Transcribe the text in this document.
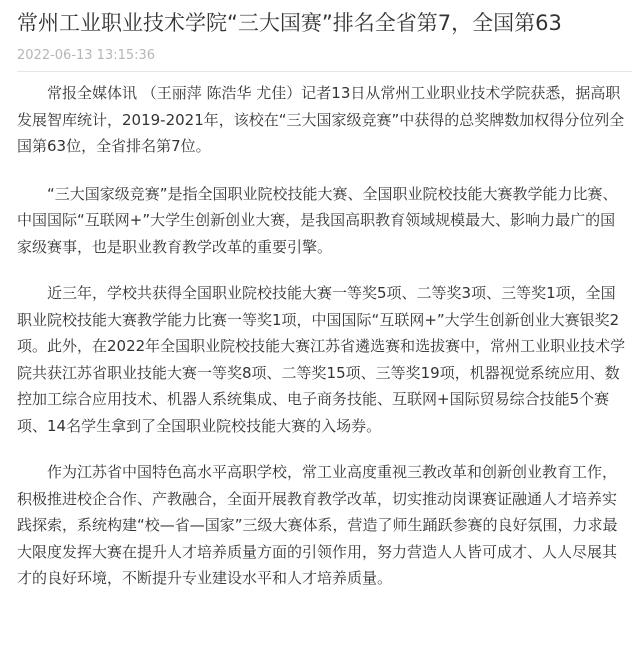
常州工业职业技术学院“三大国赛”排名全省第7，全国第63
2022-06-13 13:15:36

常报全媒体讯 （王丽萍 陈浩华 尤佳）记者13日从常州工业职业技术学院获悉，据高职发展智库统计，2019-2021年，该校在“三大国家级竞赛”中获得的总奖牌数加权得分位列全国第63位，全省排名第7位。

“三大国家级竞赛”是指全国职业院校技能大赛、全国职业院校技能大赛教学能力比赛、中国国际“互联网+”大学生创新创业大赛，是我国高职教育领域规模最大、影响力最广的国家级赛事，也是职业教育教学改革的重要引擎。

近三年，学校共获得全国职业院校技能大赛一等奖5项、二等奖3项、三等奖1项，全国职业院校技能大赛教学能力比赛一等奖1项，中国国际“互联网+”大学生创新创业大赛银奖2项。此外，在2022年全国职业院校技能大赛江苏省遴选赛和选拔赛中，常州工业职业技术学院共获江苏省职业技能大赛一等奖8项、二等奖15项、三等奖19项，机器视觉系统应用、数控加工综合应用技术、机器人系统集成、电子商务技能、互联网+国际贸易综合技能5个赛项、14名学生拿到了全国职业院校技能大赛的入场券。

作为江苏省中国特色高水平高职学校，常工业高度重视三教改革和创新创业教育工作，积极推进校企合作、产教融合，全面开展教育教学改革，切实推动岗课赛证融通人才培养实践探索，系统构建“校—省—国家”三级大赛体系，营造了师生踊跃参赛的良好氛围，力求最大限度发挥大赛在提升人才培养质量方面的引领作用，努力营造人人皆可成才、人人尽展其才的良好环境，不断提升专业建设水平和人才培养质量。
